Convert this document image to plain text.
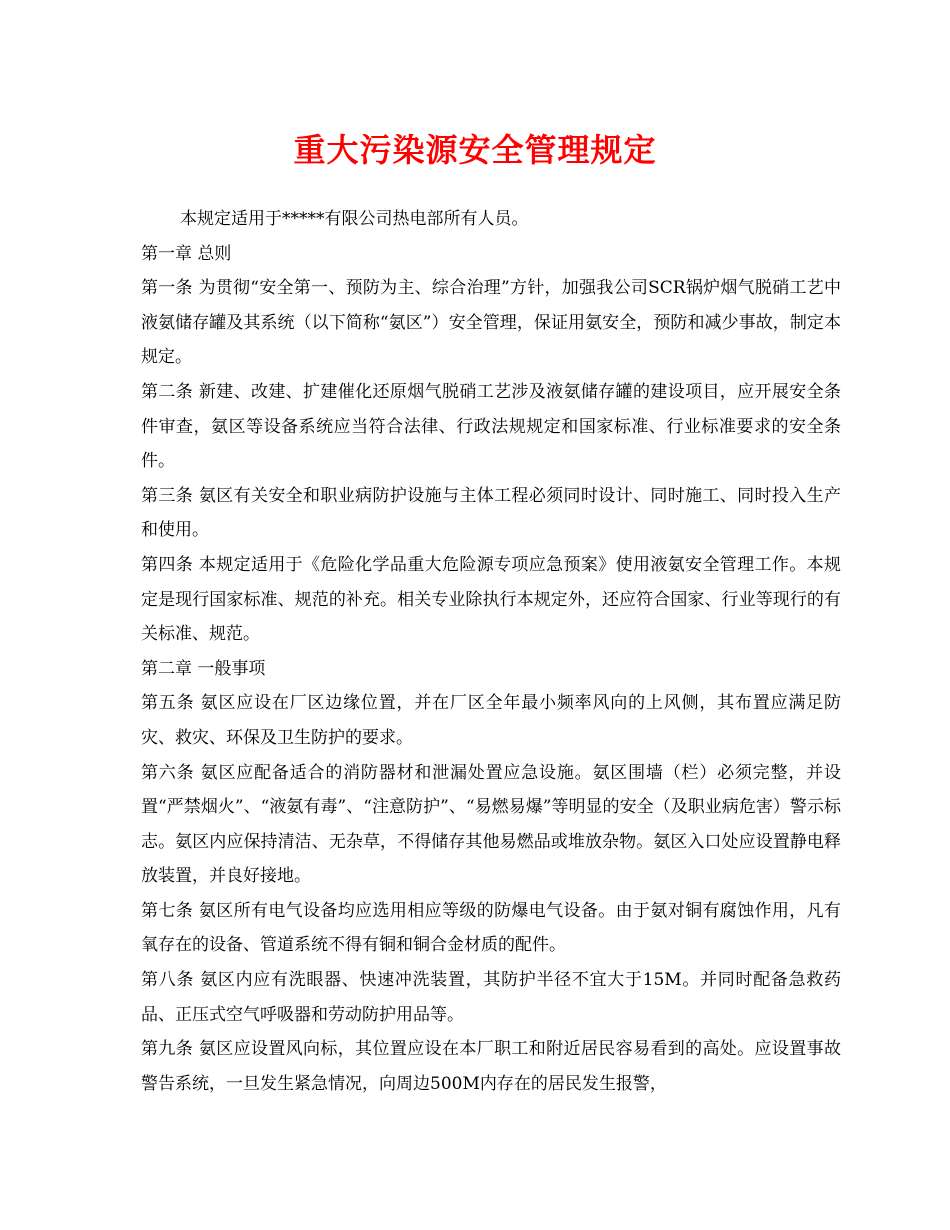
重大污染源安全管理规定

本规定适用于*****有限公司热电部所有人员。

第一章 总则

第一条 为贯彻“安全第一、预防为主、综合治理”方针，加强我公司SCR锅炉烟气脱硝工艺中液氨储存罐及其系统（以下简称“氨区”）安全管理，保证用氨安全，预防和减少事故，制定本规定。

第二条 新建、改建、扩建催化还原烟气脱硝工艺涉及液氨储存罐的建设项目，应开展安全条件审查，氨区等设备系统应当符合法律、行政法规规定和国家标准、行业标准要求的安全条件。

第三条 氨区有关安全和职业病防护设施与主体工程必须同时设计、同时施工、同时投入生产和使用。

第四条 本规定适用于《危险化学品重大危险源专项应急预案》使用液氨安全管理工作。本规定是现行国家标准、规范的补充。相关专业除执行本规定外，还应符合国家、行业等现行的有关标准、规范。

第二章 一般事项

第五条 氨区应设在厂区边缘位置，并在厂区全年最小频率风向的上风侧，其布置应满足防灾、救灾、环保及卫生防护的要求。

第六条 氨区应配备适合的消防器材和泄漏处置应急设施。氨区围墙（栏）必须完整，并设置“严禁烟火”、“液氨有毒”、“注意防护”、“易燃易爆”等明显的安全（及职业病危害）警示标志。氨区内应保持清洁、无杂草，不得储存其他易燃品或堆放杂物。氨区入口处应设置静电释放装置，并良好接地。

第七条 氨区所有电气设备均应选用相应等级的防爆电气设备。由于氨对铜有腐蚀作用，凡有氧存在的设备、管道系统不得有铜和铜合金材质的配件。

第八条 氨区内应有洗眼器、快速冲洗装置，其防护半径不宜大于15M。并同时配备急救药品、正压式空气呼吸器和劳动防护用品等。

第九条 氨区应设置风向标，其位置应设在本厂职工和附近居民容易看到的高处。应设置事故警告系统，一旦发生紧急情况，向周边500M内存在的居民发生报警，
